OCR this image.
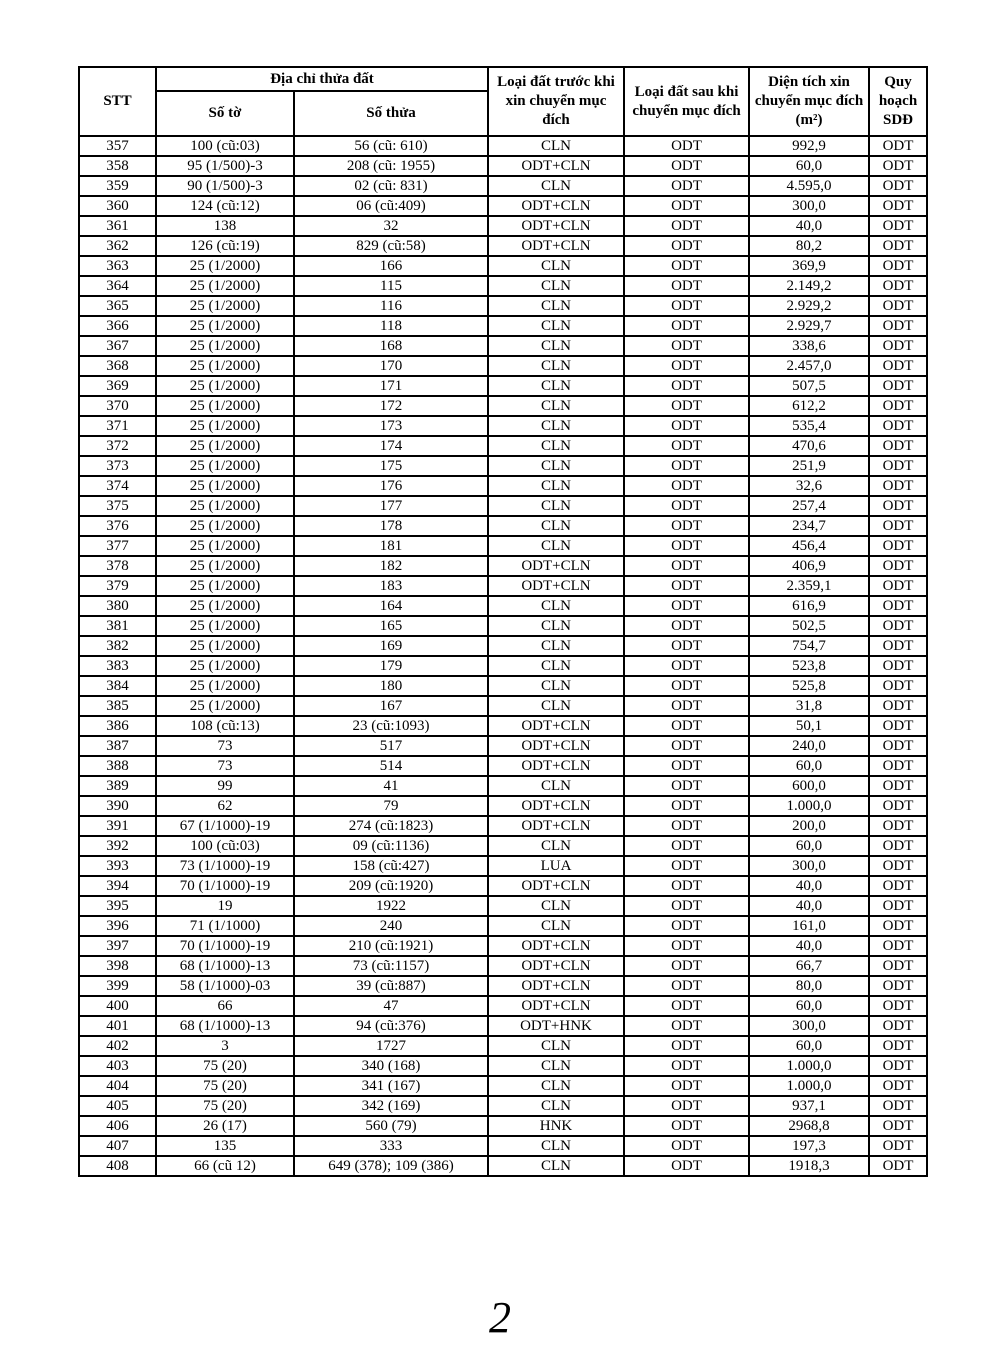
STT	Địa chỉ thửa đất		Loại đất trước khi xin chuyển mục đích	Loại đất sau khi chuyển mục đích	Diện tích xin chuyển mục đích (m²)	Quy hoạch SDĐ
	Số tờ	Số thửa				
357	100 (cũ:03)	56 (cũ: 610)	CLN	ODT	992,9	ODT
358	95 (1/500)-3	208 (cũ: 1955)	ODT+CLN	ODT	60,0	ODT
359	90 (1/500)-3	02 (cũ: 831)	CLN	ODT	4.595,0	ODT
360	124 (cũ:12)	06 (cũ:409)	ODT+CLN	ODT	300,0	ODT
361	138	32	ODT+CLN	ODT	40,0	ODT
362	126 (cũ:19)	829 (cũ:58)	ODT+CLN	ODT	80,2	ODT
363	25 (1/2000)	166	CLN	ODT	369,9	ODT
364	25 (1/2000)	115	CLN	ODT	2.149,2	ODT
365	25 (1/2000)	116	CLN	ODT	2.929,2	ODT
366	25 (1/2000)	118	CLN	ODT	2.929,7	ODT
367	25 (1/2000)	168	CLN	ODT	338,6	ODT
368	25 (1/2000)	170	CLN	ODT	2.457,0	ODT
369	25 (1/2000)	171	CLN	ODT	507,5	ODT
370	25 (1/2000)	172	CLN	ODT	612,2	ODT
371	25 (1/2000)	173	CLN	ODT	535,4	ODT
372	25 (1/2000)	174	CLN	ODT	470,6	ODT
373	25 (1/2000)	175	CLN	ODT	251,9	ODT
374	25 (1/2000)	176	CLN	ODT	32,6	ODT
375	25 (1/2000)	177	CLN	ODT	257,4	ODT
376	25 (1/2000)	178	CLN	ODT	234,7	ODT
377	25 (1/2000)	181	CLN	ODT	456,4	ODT
378	25 (1/2000)	182	ODT+CLN	ODT	406,9	ODT
379	25 (1/2000)	183	ODT+CLN	ODT	2.359,1	ODT
380	25 (1/2000)	164	CLN	ODT	616,9	ODT
381	25 (1/2000)	165	CLN	ODT	502,5	ODT
382	25 (1/2000)	169	CLN	ODT	754,7	ODT
383	25 (1/2000)	179	CLN	ODT	523,8	ODT
384	25 (1/2000)	180	CLN	ODT	525,8	ODT
385	25 (1/2000)	167	CLN	ODT	31,8	ODT
386	108 (cũ:13)	23 (cũ:1093)	ODT+CLN	ODT	50,1	ODT
387	73	517	ODT+CLN	ODT	240,0	ODT
388	73	514	ODT+CLN	ODT	60,0	ODT
389	99	41	CLN	ODT	600,0	ODT
390	62	79	ODT+CLN	ODT	1.000,0	ODT
391	67 (1/1000)-19	274 (cũ:1823)	ODT+CLN	ODT	200,0	ODT
392	100 (cũ:03)	09 (cũ:1136)	CLN	ODT	60,0	ODT
393	73 (1/1000)-19	158 (cũ:427)	LUA	ODT	300,0	ODT
394	70 (1/1000)-19	209 (cũ:1920)	ODT+CLN	ODT	40,0	ODT
395	19	1922	CLN	ODT	40,0	ODT
396	71 (1/1000)	240	CLN	ODT	161,0	ODT
397	70 (1/1000)-19	210 (cũ:1921)	ODT+CLN	ODT	40,0	ODT
398	68 (1/1000)-13	73 (cũ:1157)	ODT+CLN	ODT	66,7	ODT
399	58 (1/1000)-03	39 (cũ:887)	ODT+CLN	ODT	80,0	ODT
400	66	47	ODT+CLN	ODT	60,0	ODT
401	68 (1/1000)-13	94 (cũ:376)	ODT+HNK	ODT	300,0	ODT
402	3	1727	CLN	ODT	60,0	ODT
403	75 (20)	340 (168)	CLN	ODT	1.000,0	ODT
404	75 (20)	341 (167)	CLN	ODT	1.000,0	ODT
405	75 (20)	342 (169)	CLN	ODT	937,1	ODT
406	26 (17)	560 (79)	HNK	ODT	2968,8	ODT
407	135	333	CLN	ODT	197,3	ODT
408	66 (cũ 12)	649 (378); 109 (386)	CLN	ODT	1918,3	ODT
2
